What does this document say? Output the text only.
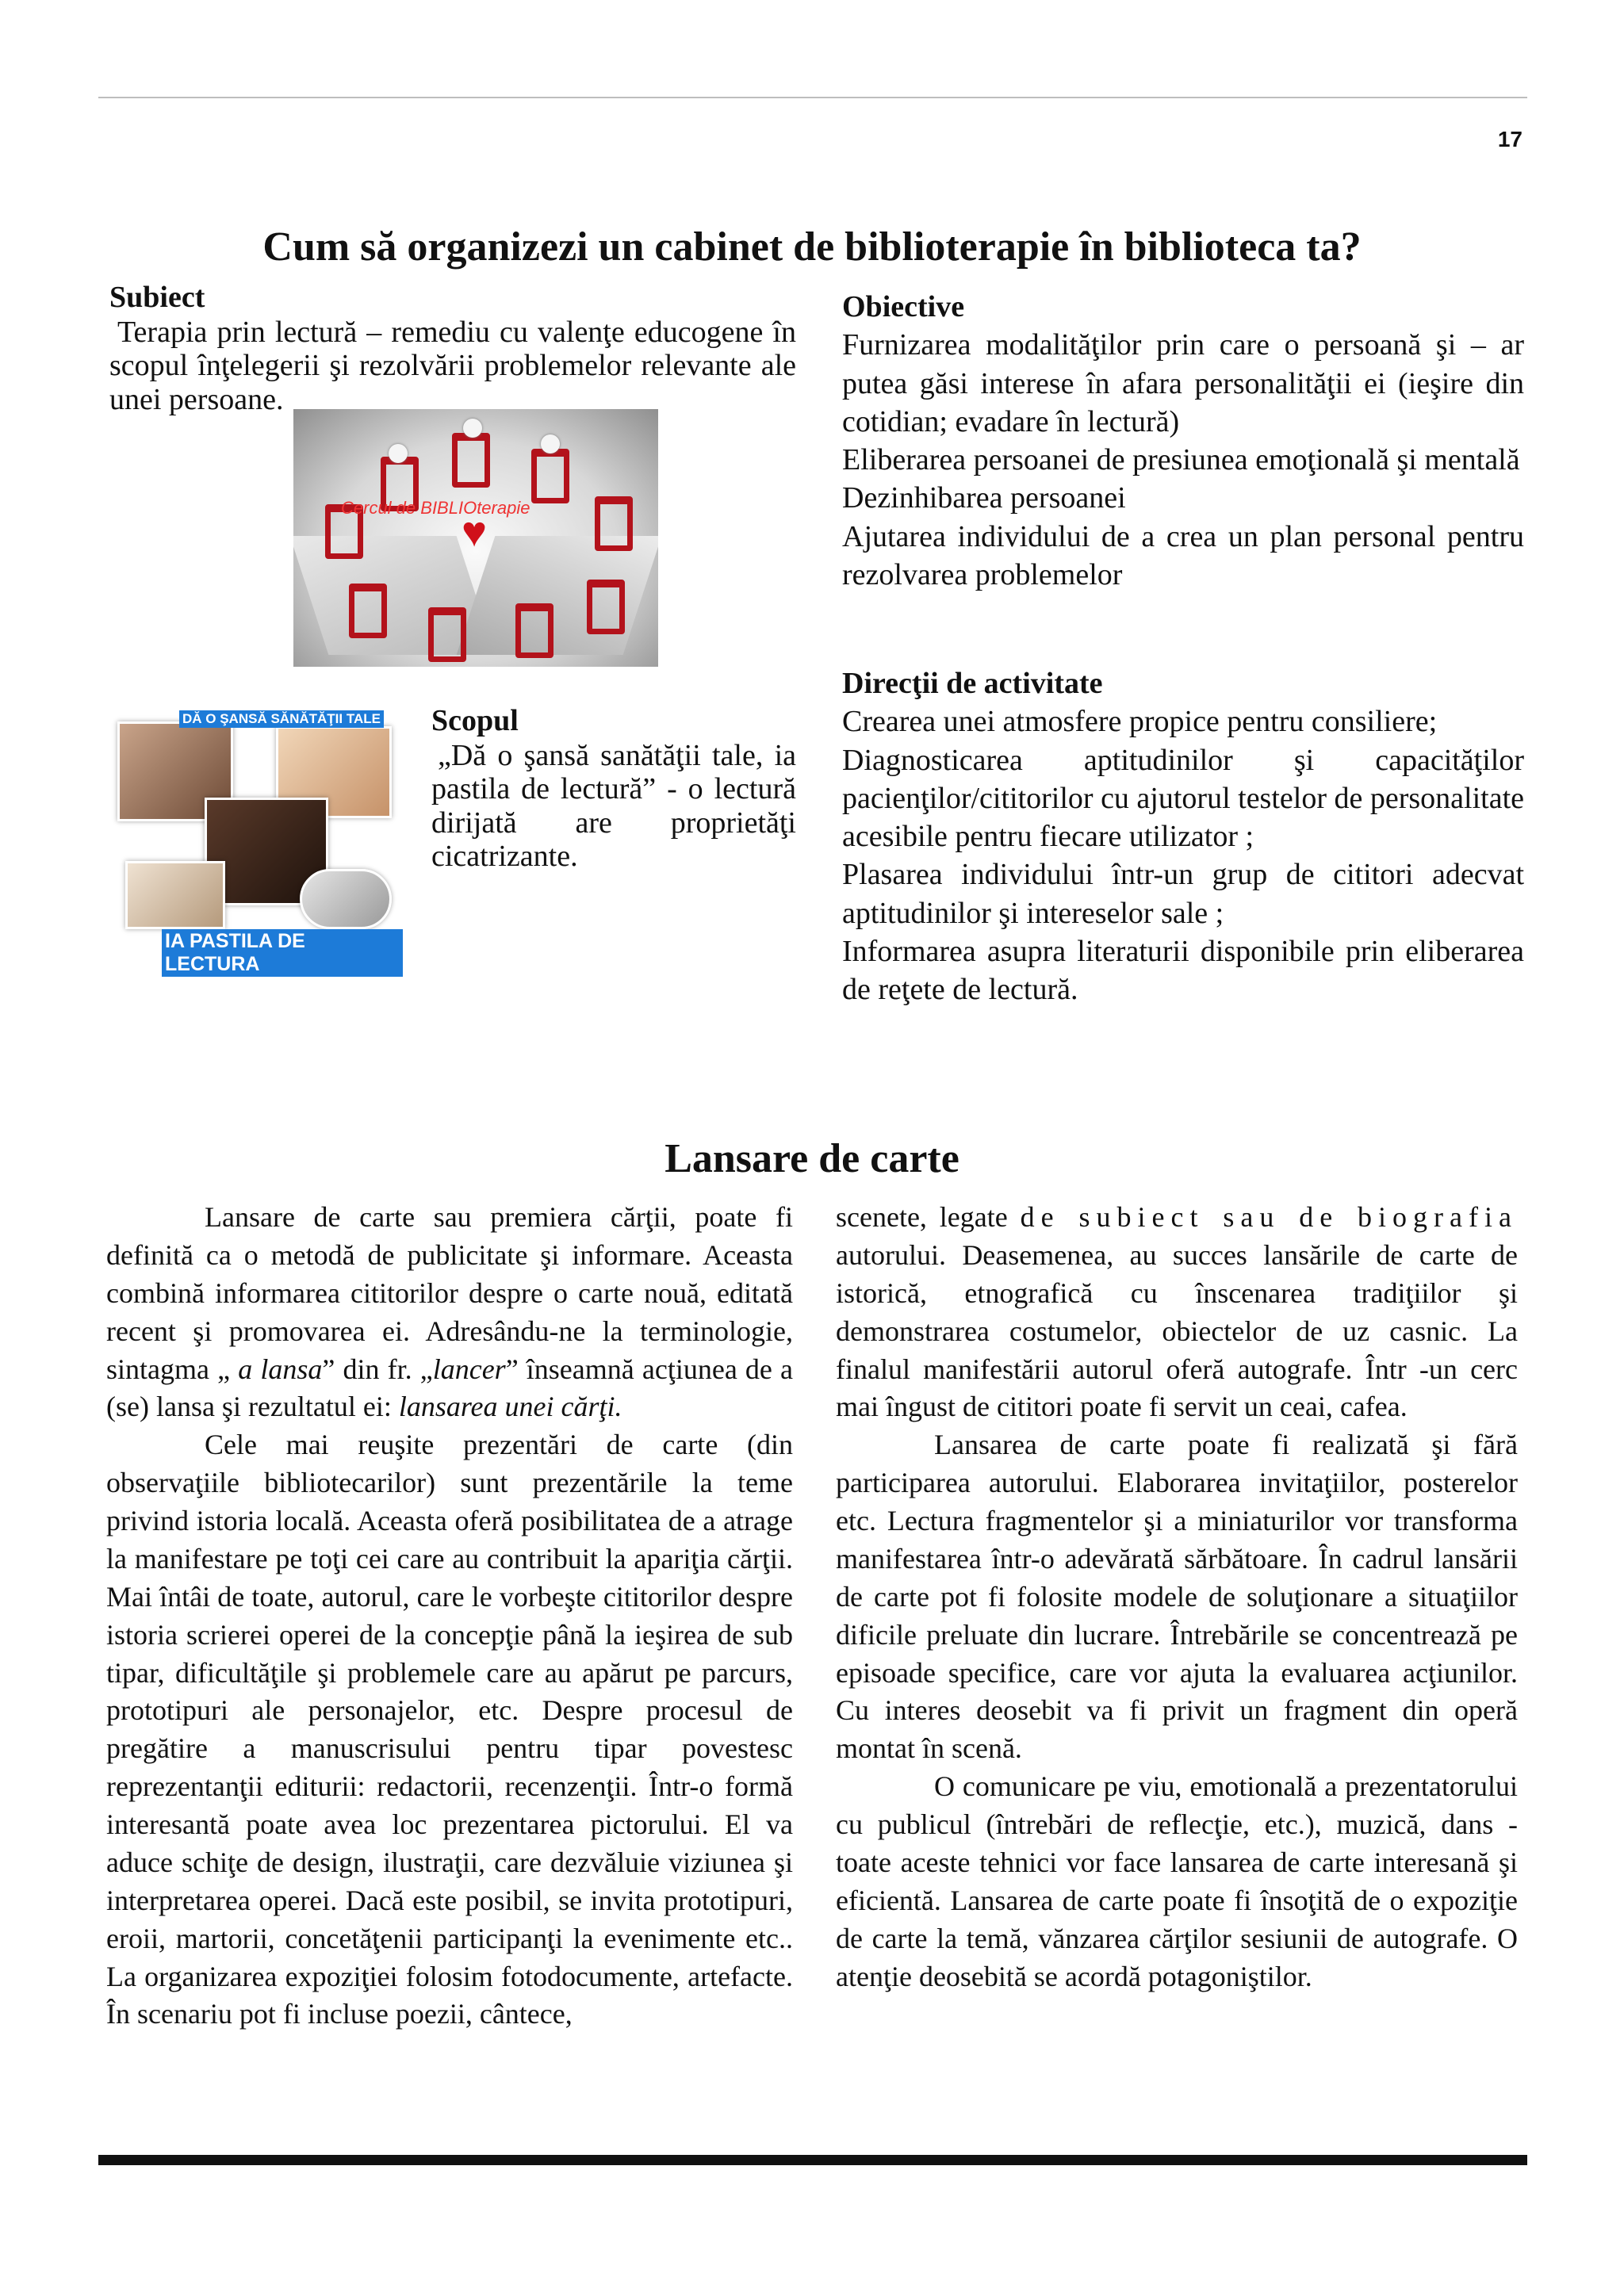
17
Cum să organizezi un cabinet de biblioterapie în biblioteca ta?

Subiect

Terapia prin lectură – remediu cu valenţe educogene în scopul înţelegerii şi rezolvării problemelor relevante ale unei persoane.

♥
Cercul de BIBLIOterapie
DĂ O ŞANSĂ SĂNĂTĂŢII TALE
IA PASTILA DE LECTURA

Scopul

„Dă o şansă sanătăţii tale, ia pastila de lectură” - o lectură dirijată are proprietăţi cicatrizante.

Obiective

Furnizarea modalităţilor prin care o persoană şi – ar putea găsi interese în afara personalităţii ei (ieşire din cotidian; evadare în lectură)

Eliberarea persoanei de presiunea emoţională şi mentală

Dezinhibarea persoanei

Ajutarea individului de a crea un plan personal pentru rezolvarea problemelor

Direcţii de activitate

Crearea unei atmosfere propice pentru consiliere;

Diagnosticarea aptitudinilor şi capacităţilor pacienţilor/cititorilor cu ajutorul testelor de personalitate acesibile pentru fiecare utilizator ;

Plasarea individului într-un grup de cititori adecvat aptitudinilor şi intereselor sale ;

Informarea asupra literaturii disponibile prin eliberarea de reţete de lectură.

Lansare de carte

Lansare de carte sau premiera cărţii, poate fi definită ca o metodă de publicitate şi informare. Aceasta combină informarea cititorilor despre o carte nouă, editată recent şi promovarea ei. Adresându-ne la terminologie, sintagma „ a lansa” din fr. „lancer” înseamnă acţiunea de a (se) lansa şi rezultatul ei: lansarea unei cărţi.

Cele mai reuşite prezentări de carte (din observaţiile bibliotecarilor) sunt prezentările la teme privind istoria locală. Aceasta oferă posibilitatea de a atrage la manifestare pe toţi cei care au contribuit la apariţia cărţii. Mai întâi de toate, autorul, care le vorbeşte cititorilor despre istoria scrierei operei de la concepţie până la ieşirea de sub tipar, dificultăţile şi problemele care au apărut pe parcurs, prototipuri ale personajelor, etc. Despre procesul de pregătire a manuscrisului pentru tipar povestesc reprezentanţii editurii: redactorii, recenzenţii. Într-o formă interesantă poate avea loc prezentarea pictorului. El va aduce schiţe de design, ilustraţii, care dezvăluie viziunea şi interpretarea operei. Dacă este posibil, se invita prototipuri, eroii, martorii, concetăţenii participanţi la evenimente etc.. La organizarea expoziţiei folosim fotodocumente, artefacte. În scenariu pot fi incluse poezii, cântece,

scenete, legate de subiect sau de biografia autorului. Deasemenea, au succes lansările de carte de istorică, etnografică cu înscenarea tradiţiilor şi demonstrarea costumelor, obiectelor de uz casnic. La finalul manifestării autorul oferă autografe. Într -un cerc mai îngust de cititori poate fi servit un ceai, cafea.

Lansarea de carte poate fi realizată şi fără participarea autorului. Elaborarea invitaţiilor, posterelor etc. Lectura fragmentelor şi a miniaturilor vor transforma manifestarea într-o adevărată sărbătoare. În cadrul lansării de carte pot fi folosite modele de soluţionare a situaţiilor dificile preluate din lucrare. Întrebările se concentrează pe episoade specifice, care vor ajuta la evaluarea acţiunilor. Cu interes deosebit va fi privit un fragment din operă montat în scenă.

O comunicare pe viu, emotională a prezentatorului cu publicul (întrebări de reflecţie, etc.), muzică, dans - toate aceste tehnici vor face lansarea de carte interesană şi eficientă. Lansarea de carte poate fi însoţită de o expoziţie de carte la temă, vănzarea cărţilor sesiunii de autografe. O atenţie deosebită se acordă potagoniştilor.
